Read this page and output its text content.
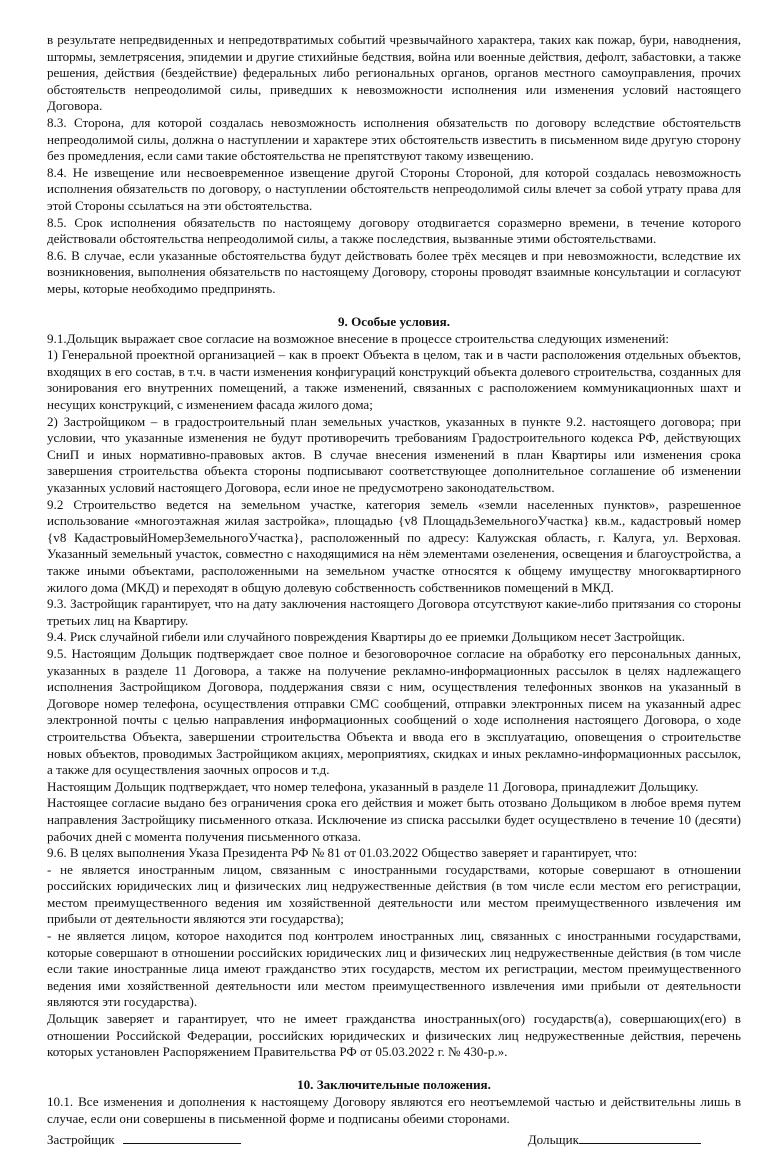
в результате непредвиденных и непредотвратимых событий чрезвычайного характера, таких как пожар, бури, наводнения, штормы, землетрясения, эпидемии и другие стихийные бедствия, война или военные действия, дефолт, забастовки, а также решения, действия (бездействие) федеральных либо региональных органов, органов местного самоуправления, прочих обстоятельств непреодолимой силы, приведших к невозможности исполнения или изменения условий настоящего Договора.

8.3. Сторона, для которой создалась невозможность исполнения обязательств по договору вследствие обстоятельств непреодолимой силы, должна о наступлении и характере этих обстоятельств известить в письменном виде другую сторону без промедления, если сами такие обстоятельства не препятствуют такому извещению.

8.4. Не извещение или несвоевременное извещение другой Стороны Стороной, для которой создалась невозможность исполнения обязательств по договору, о наступлении обстоятельств непреодолимой силы влечет за собой утрату права для этой Стороны ссылаться на эти обстоятельства.

8.5. Срок исполнения обязательств по настоящему договору отодвигается соразмерно времени, в течение которого действовали обстоятельства непреодолимой силы, а также последствия, вызванные этими обстоятельствами.

8.6. В случае, если указанные обстоятельства будут действовать более трёх месяцев и при невозможности, вследствие их возникновения, выполнения обязательств по настоящему Договору, стороны проводят взаимные консультации и согласуют меры, которые необходимо предпринять.

9. Особые условия.

9.1.Дольщик выражает свое согласие на возможное внесение в процессе строительства следующих изменений:

1) Генеральной проектной организацией – как в проект Объекта в целом, так и в части расположения отдельных объектов, входящих в его состав, в т.ч. в части изменения конфигураций конструкций объекта долевого строительства, созданных для зонирования его внутренних помещений, а также изменений, связанных с расположением коммуникационных шахт и несущих конструкций, с изменением фасада жилого дома;

2) Застройщиком – в градостроительный план земельных участков, указанных в пункте 9.2. настоящего договора; при условии, что указанные изменения не будут противоречить требованиям Градостроительного кодекса РФ, действующих СниП и иных нормативно-правовых актов. В случае внесения изменений в план Квартиры или изменения срока завершения строительства объекта стороны подписывают соответствующее дополнительное соглашение об изменении указанных условий настоящего Договора, если иное не предусмотрено законодательством.

9.2 Строительство ведется на земельном участке, категория земель «земли населенных пунктов», разрешенное использование «многоэтажная жилая застройка», площадью {v8 ПлощадьЗемельногоУчастка} кв.м., кадастровый номер {v8 КадастровыйНомерЗемельногоУчастка}, расположенный по адресу: Калужская область, г. Калуга, ул. Верховая. Указанный земельный участок, совместно с находящимися на нём элементами озеленения, освещения и благоустройства, а также иными объектами, расположенными на земельном участке относятся к общему имуществу многоквартирного жилого дома (МКД) и переходят в общую долевую собственность собственников помещений в МКД.

9.3. Застройщик гарантирует, что на дату заключения настоящего Договора отсутствуют какие-либо притязания со стороны третьих лиц на Квартиру.

9.4. Риск случайной гибели или случайного повреждения Квартиры до ее приемки Дольщиком несет Застройщик.

9.5. Настоящим Дольщик подтверждает свое полное и безоговорочное согласие на обработку его персональных данных, указанных в разделе 11 Договора, а также на получение рекламно-информационных рассылок в целях надлежащего исполнения Застройщиком Договора, поддержания связи с ним, осуществления телефонных звонков на указанный в Договоре номер телефона, осуществления отправки СМС сообщений, отправки электронных писем на указанный адрес электронной почты с целью направления информационных сообщений о ходе исполнения настоящего Договора, о ходе строительства Объекта, завершении строительства Объекта и ввода его в эксплуатацию, оповещения о строительстве новых объектов, проводимых Застройщиком акциях, мероприятиях, скидках и иных рекламно-информационных рассылок, а также для осуществления заочных опросов и т.д.

Настоящим Дольщик подтверждает, что номер телефона, указанный в разделе 11 Договора, принадлежит Дольщику.

Настоящее согласие выдано без ограничения срока его действия и может быть отозвано Дольщиком в любое время путем направления Застройщику письменного отказа. Исключение из списка рассылки будет осуществлено в течение 10 (десяти) рабочих дней с момента получения письменного отказа.

9.6. В целях выполнения Указа Президента РФ № 81 от 01.03.2022 Общество заверяет и гарантирует, что:

- не является иностранным лицом, связанным с иностранными государствами, которые совершают в отношении российских юридических лиц и физических лиц недружественные действия (в том числе если местом его регистрации, местом преимущественного ведения им хозяйственной деятельности или местом преимущественного извлечения им прибыли от деятельности являются эти государства);

- не является лицом, которое находится под контролем иностранных лиц, связанных с иностранными государствами, которые совершают в отношении российских юридических лиц и физических лиц недружественные действия (в том числе если такие иностранные лица имеют гражданство этих государств, местом их регистрации, местом преимущественного ведения ими хозяйственной деятельности или местом преимущественного извлечения ими прибыли от деятельности являются эти государства).

Дольщик заверяет и гарантирует, что не имеет гражданства иностранных(ого) государств(а), совершающих(его) в отношении Российской Федерации, российских юридических и физических лиц недружественные действия, перечень которых установлен Распоряжением Правительства РФ от 05.03.2022 г. № 430-р.».

10. Заключительные положения.

10.1. Все изменения и дополнения к настоящему Договору являются его неотъемлемой частью и действительны лишь в случае, если они совершены в письменной форме и подписаны обеими сторонами.

Застройщик	Дольщик
